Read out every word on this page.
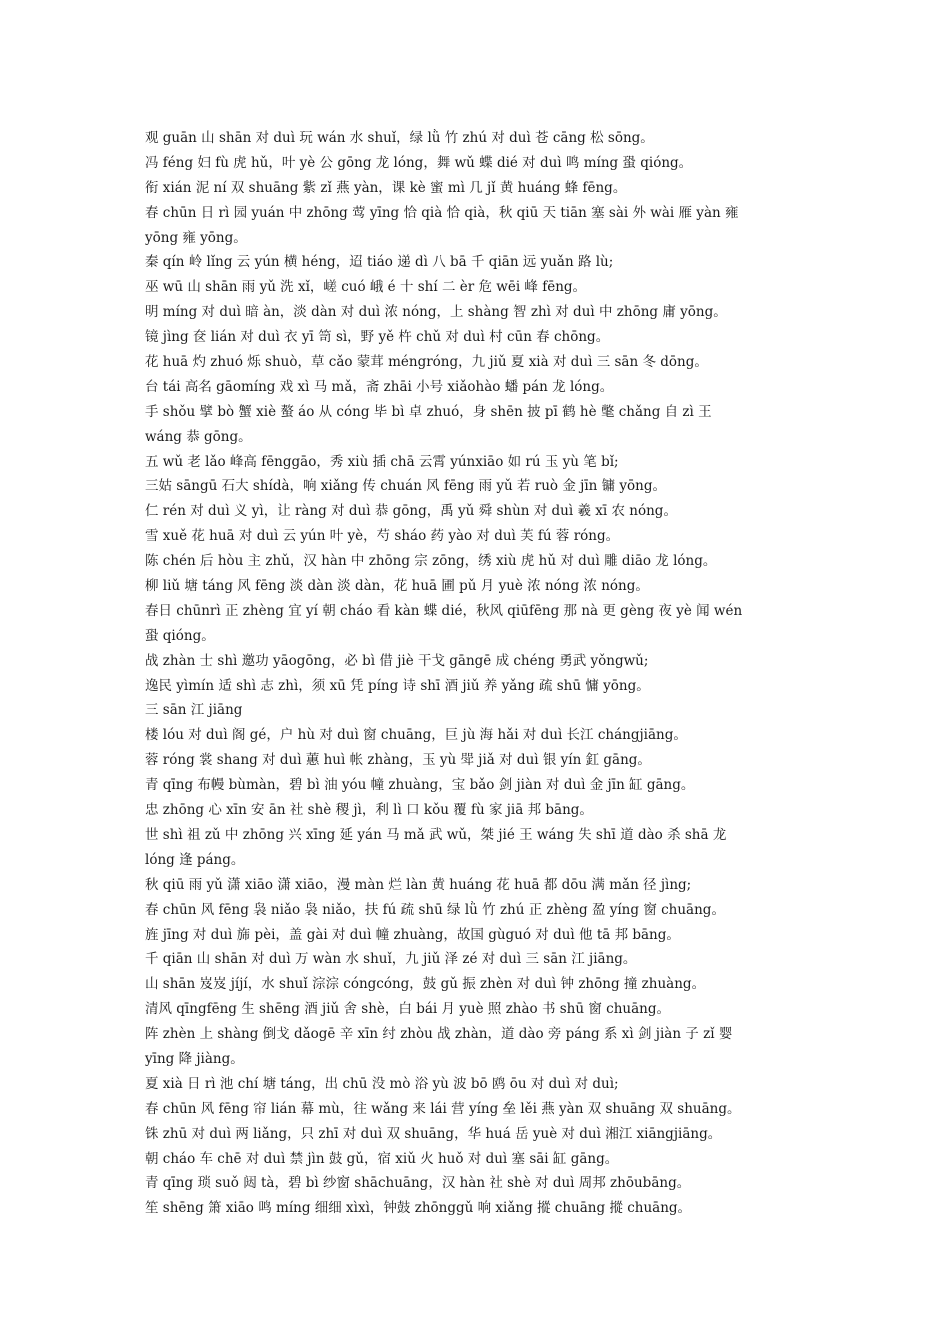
观 guān 山 shān 对 duì 玩 wán 水 shuǐ，绿 lǜ 竹 zhú 对 duì 苍 cāng 松 sōng。

冯 féng 妇 fù 虎 hǔ，叶 yè 公 gōng 龙 lóng，舞 wǔ 蝶 dié 对 duì 鸣 míng 蛩 qióng。

衔 xián 泥 ní 双 shuāng 紫 zǐ 燕 yàn，课 kè 蜜 mì 几 jǐ 黄 huáng 蜂 fēng。

春 chūn 日 rì 园 yuán 中 zhōng 莺 yīng 恰 qià 恰 qià，秋 qiū 天 tiān 塞 sài 外 wài 雁 yàn 雍

yōng 雍 yōng。

秦 qín 岭 lǐng 云 yún 横 héng，迢 tiáo 递 dì 八 bā 千 qiān 远 yuǎn 路 lù;

巫 wū 山 shān 雨 yǔ 洗 xǐ，嵯 cuó 峨 é 十 shí 二 èr 危 wēi 峰 fēng。

明 míng 对 duì 暗 àn，淡 dàn 对 duì 浓 nóng，上 shàng 智 zhì 对 duì 中 zhōng 庸 yōng。

镜 jìng 奁 lián 对 duì 衣 yī 笥 sì，野 yě 杵 chǔ 对 duì 村 cūn 春 chōng。

花 huā 灼 zhuó 烁 shuò，草 cǎo 蒙茸 méngróng，九 jiǔ 夏 xià 对 duì 三 sān 冬 dōng。

台 tái 高名 gāomíng 戏 xì 马 mǎ，斋 zhāi 小号 xiǎohào 蟠 pán 龙 lóng。

手 shǒu 擘 bò 蟹 xiè 螯 áo 从 cóng 毕 bì 卓 zhuó，身 shēn 披 pī 鹤 hè 氅 chǎng 自 zì 王

wáng 恭 gōng。

五 wǔ 老 lǎo 峰高 fēnggāo，秀 xiù 插 chā 云霄 yúnxiāo 如 rú 玉 yù 笔 bǐ;

三姑 sāngū 石大 shídà，响 xiǎng 传 chuán 风 fēng 雨 yǔ 若 ruò 金 jīn 镛 yōng。

仁 rén 对 duì 义 yì，让 ràng 对 duì 恭 gōng，禹 yǔ 舜 shùn 对 duì 羲 xī 农 nóng。

雪 xuě 花 huā 对 duì 云 yún 叶 yè，芍 sháo 药 yào 对 duì 芙 fú 蓉 róng。

陈 chén 后 hòu 主 zhǔ，汉 hàn 中 zhōng 宗 zōng，绣 xiù 虎 hǔ 对 duì 雕 diāo 龙 lóng。

柳 liǔ 塘 táng 风 fēng 淡 dàn 淡 dàn，花 huā 圃 pǔ 月 yuè 浓 nóng 浓 nóng。

春日 chūnrì 正 zhèng 宜 yí 朝 cháo 看 kàn 蝶 dié，秋风 qiūfēng 那 nà 更 gèng 夜 yè 闻 wén

蛩 qióng。

战 zhàn 士 shì 邀功 yāogōng，必 bì 借 jiè 干戈 gāngē 成 chéng 勇武 yǒngwǔ;

逸民 yìmín 适 shì 志 zhì，须 xū 凭 píng 诗 shī 酒 jiǔ 养 yǎng 疏 shū 慵 yōng。

三 sān 江 jiāng

楼 lóu 对 duì 阁 gé，户 hù 对 duì 窗 chuāng，巨 jù 海 hǎi 对 duì 长江 chángjiāng。

蓉 róng 裳 shang 对 duì 蕙 huì 帐 zhàng，玉 yù 斝 jiǎ 对 duì 银 yín 釭 gāng。

青 qīng 布幔 bùmàn，碧 bì 油 yóu 幢 zhuàng，宝 bǎo 剑 jiàn 对 duì 金 jīn 缸 gāng。

忠 zhōng 心 xīn 安 ān 社 shè 稷 jì，利 lì 口 kǒu 覆 fù 家 jiā 邦 bāng。

世 shì 祖 zǔ 中 zhōng 兴 xīng 延 yán 马 mǎ 武 wǔ，桀 jié 王 wáng 失 shī 道 dào 杀 shā 龙

lóng 逢 páng。

秋 qiū 雨 yǔ 潇 xiāo 潇 xiāo，漫 màn 烂 làn 黄 huáng 花 huā 都 dōu 满 mǎn 径 jìng;

春 chūn 风 fēng 袅 niǎo 袅 niǎo，扶 fú 疏 shū 绿 lǜ 竹 zhú 正 zhèng 盈 yíng 窗 chuāng。

旌 jīng 对 duì 旆 pèi，盖 gài 对 duì 幢 zhuàng，故国 gùguó 对 duì 他 tā 邦 bāng。

千 qiān 山 shān 对 duì 万 wàn 水 shuǐ，九 jiǔ 泽 zé 对 duì 三 sān 江 jiāng。

山 shān 岌岌 jíjí，水 shuǐ 淙淙 cóngcóng，鼓 gǔ 振 zhèn 对 duì 钟 zhōng 撞 zhuàng。

清风 qīngfēng 生 shēng 酒 jiǔ 舍 shè，白 bái 月 yuè 照 zhào 书 shū 窗 chuāng。

阵 zhèn 上 shàng 倒戈 dǎogē 辛 xīn 纣 zhòu 战 zhàn，道 dào 旁 páng 系 xì 剑 jiàn 子 zǐ 婴

yīng 降 jiàng。

夏 xià 日 rì 池 chí 塘 táng，出 chū 没 mò 浴 yù 波 bō 鸥 ōu 对 duì 对 duì;

春 chūn 风 fēng 帘 lián 幕 mù，往 wǎng 来 lái 营 yíng 垒 lěi 燕 yàn 双 shuāng 双 shuāng。

铢 zhū 对 duì 两 liǎng，只 zhī 对 duì 双 shuāng，华 huá 岳 yuè 对 duì 湘江 xiāngjiāng。

朝 cháo 车 chē 对 duì 禁 jìn 鼓 gǔ，宿 xiǔ 火 huǒ 对 duì 塞 sāi 缸 gāng。

青 qīng 琐 suǒ 闼 tà，碧 bì 纱窗 shāchuāng，汉 hàn 社 shè 对 duì 周邦 zhōubāng。

笙 shēng 箫 xiāo 鸣 míng 细细 xìxì，钟鼓 zhōnggǔ 响 xiǎng 摐 chuāng 摐 chuāng。
